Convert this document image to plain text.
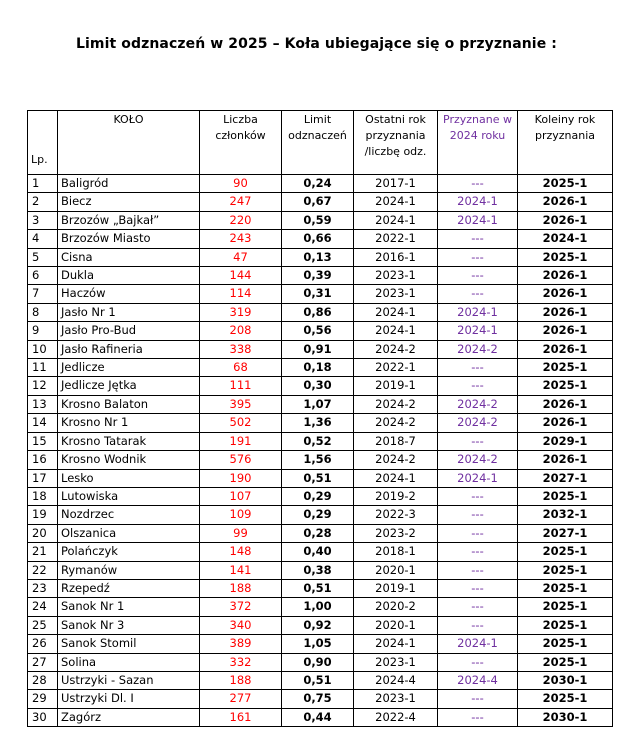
Limit odznaczeń w 2025 – Koła ubiegające się o przyznanie :
Lp.	KOŁO	Liczba członków	Limit odznaczeń	Ostatni rok przyznania /liczbę odz.	Przyznane w 2024 roku	Koleiny rok przyznania
1	Baligród	90	0,24	2017-1	---	2025-1
2	Biecz	247	0,67	2024-1	2024-1	2026-1
3	Brzozów „Bajkał”	220	0,59	2024-1	2024-1	2026-1
4	Brzozów Miasto	243	0,66	2022-1	---	2024-1
5	Cisna	47	0,13	2016-1	---	2025-1
6	Dukla	144	0,39	2023-1	---	2026-1
7	Haczów	114	0,31	2023-1	---	2026-1
8	Jasło Nr 1	319	0,86	2024-1	2024-1	2026-1
9	Jasło Pro-Bud	208	0,56	2024-1	2024-1	2026-1
10	Jasło Rafineria	338	0,91	2024-2	2024-2	2026-1
11	Jedlicze	68	0,18	2022-1	---	2025-1
12	Jedlicze Jętka	111	0,30	2019-1	---	2025-1
13	Krosno Balaton	395	1,07	2024-2	2024-2	2026-1
14	Krosno Nr 1	502	1,36	2024-2	2024-2	2026-1
15	Krosno Tatarak	191	0,52	2018-7	---	2029-1
16	Krosno Wodnik	576	1,56	2024-2	2024-2	2026-1
17	Lesko	190	0,51	2024-1	2024-1	2027-1
18	Lutowiska	107	0,29	2019-2	---	2025-1
19	Nozdrzec	109	0,29	2022-3	---	2032-1
20	Olszanica	99	0,28	2023-2	---	2027-1
21	Polańczyk	148	0,40	2018-1	---	2025-1
22	Rymanów	141	0,38	2020-1	---	2025-1
23	Rzepedź	188	0,51	2019-1	---	2025-1
24	Sanok Nr 1	372	1,00	2020-2	---	2025-1
25	Sanok Nr 3	340	0,92	2020-1	---	2025-1
26	Sanok Stomil	389	1,05	2024-1	2024-1	2025-1
27	Solina	332	0,90	2023-1	---	2025-1
28	Ustrzyki - Sazan	188	0,51	2024-4	2024-4	2030-1
29	Ustrzyki Dl. I	277	0,75	2023-1	---	2025-1
30	Zagórz	161	0,44	2022-4	---	2030-1
